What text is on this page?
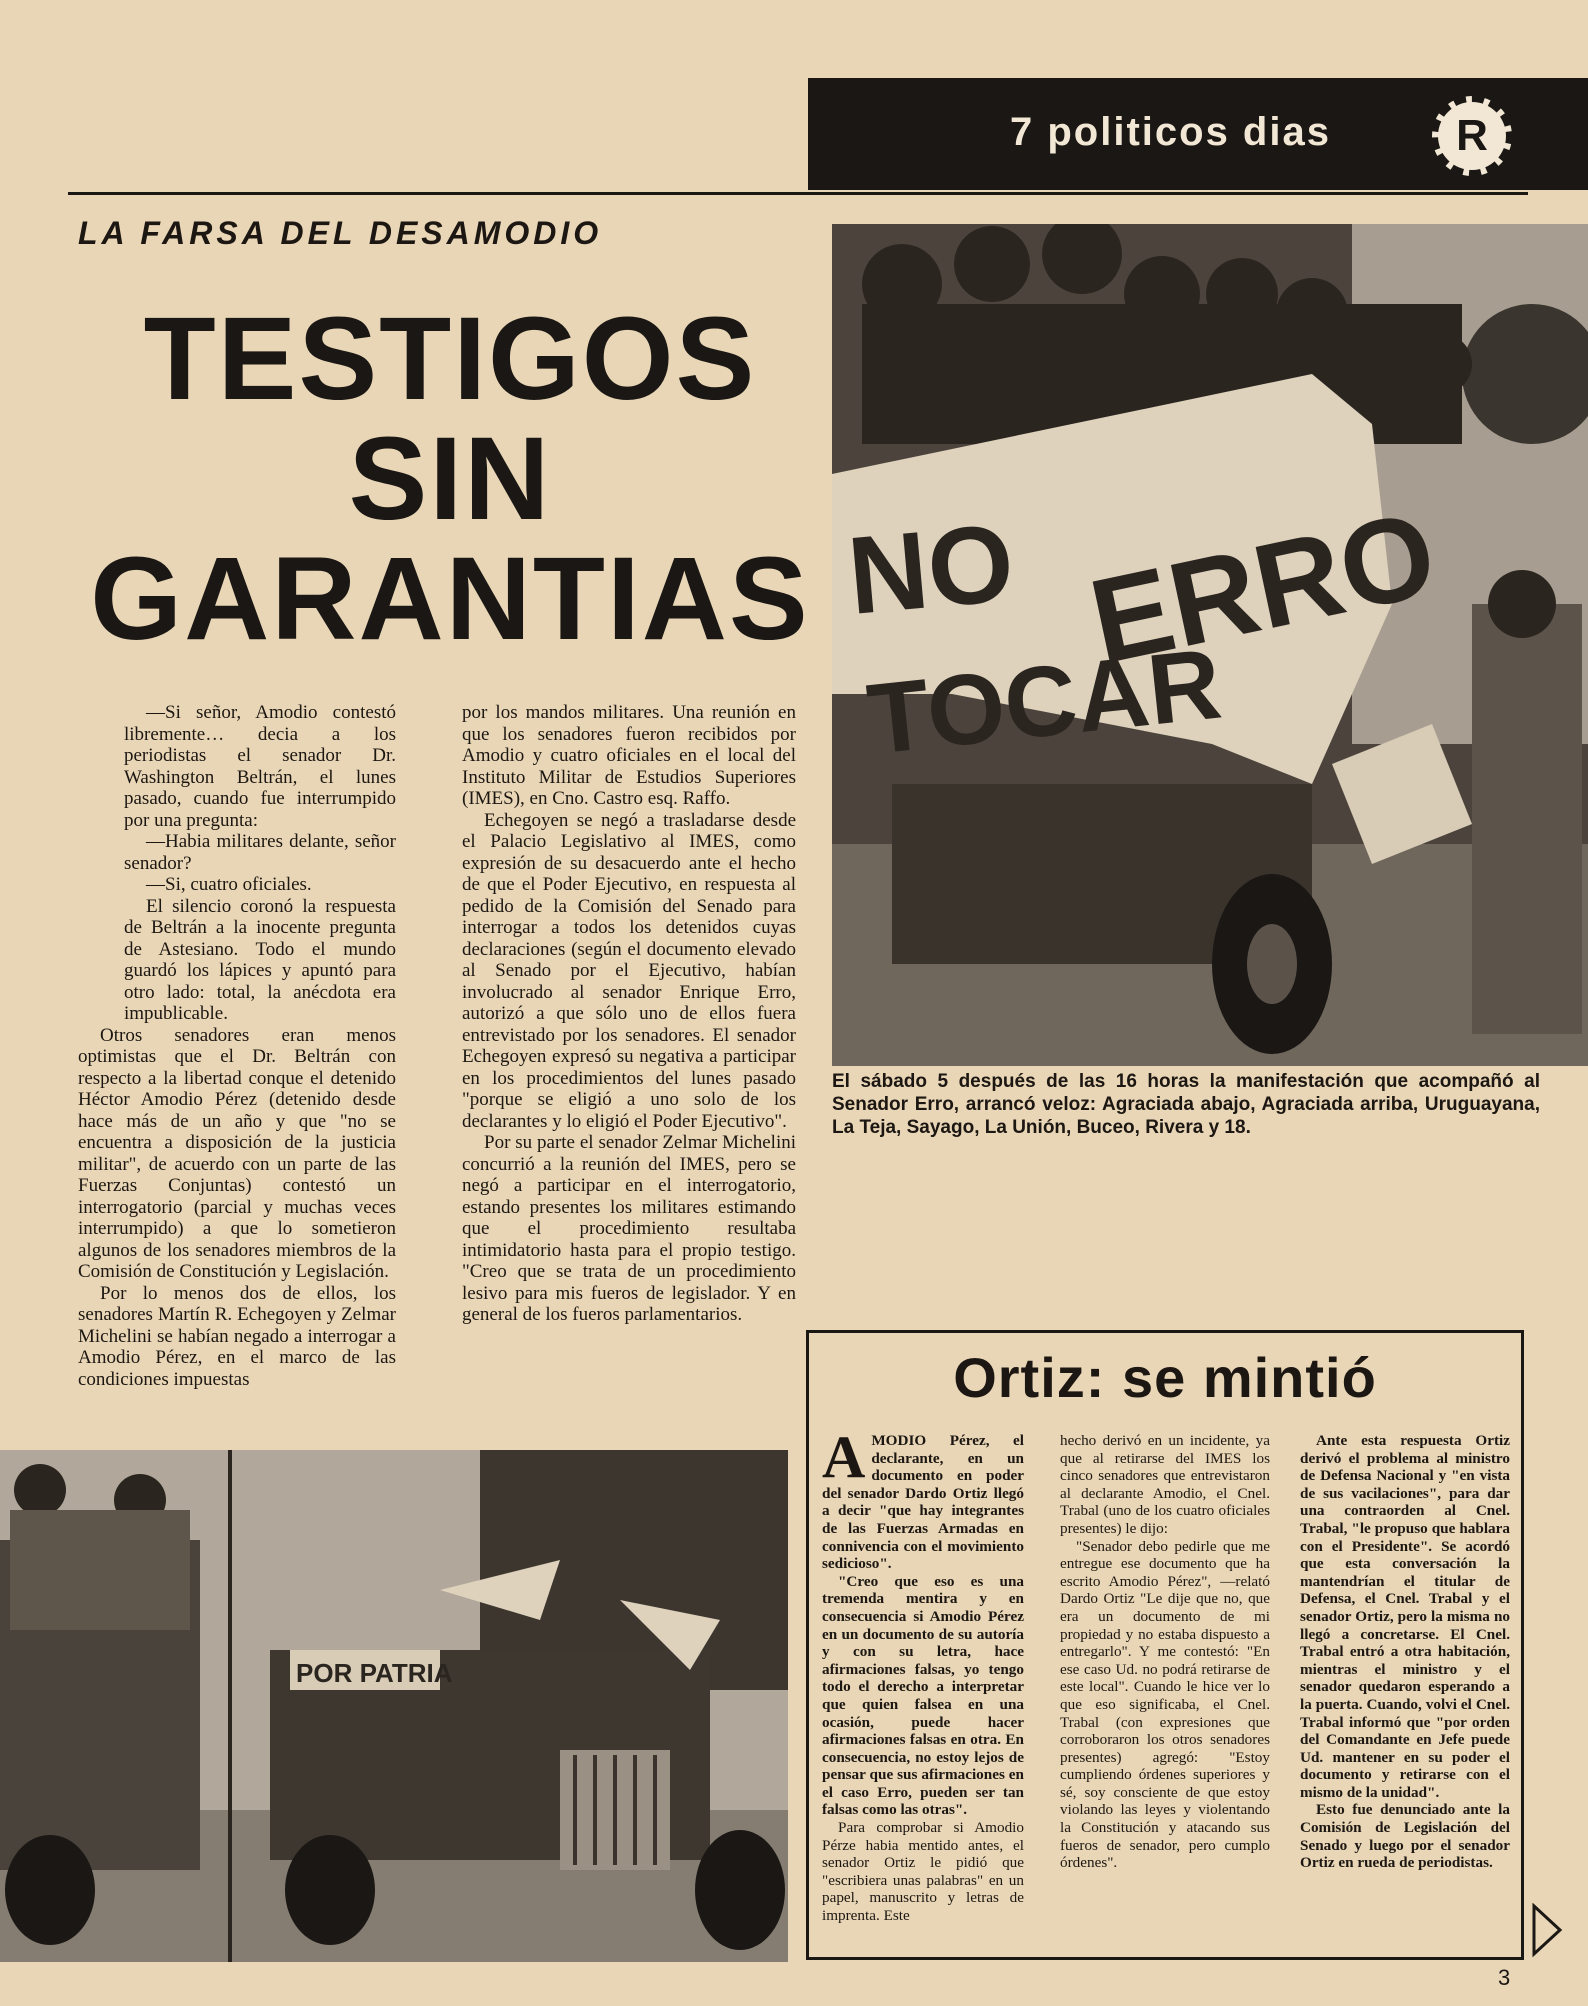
7 politicos dias	R
LA FARSA DEL DESAMODIO
TESTIGOS
SIN
GARANTIAS

—Si señor, Amodio contestó libremente… decia a los periodistas el senador Dr. Washington Beltrán, el lunes pasado, cuando fue interrumpido por una pregunta:

—Habia militares delante, señor senador?

—Si, cuatro oficiales.

El silencio coronó la respuesta de Beltrán a la inocente pregunta de Astesiano. Todo el mundo guardó los lápices y apuntó para otro lado: total, la anécdota era impublicable.

Otros senadores eran menos optimistas que el Dr. Beltrán con respecto a la libertad conque el detenido Héctor Amodio Pérez (detenido desde hace más de un año y que "no se encuentra a disposición de la justicia militar", de acuerdo con un parte de las Fuerzas Conjuntas) contestó un interrogatorio (parcial y muchas veces interrumpido) a que lo sometieron algunos de los senadores miembros de la Comisión de Constitución y Legislación.

Por lo menos dos de ellos, los senadores Martín R. Echegoyen y Zelmar Michelini se habían negado a interrogar a Amodio Pérez, en el marco de las condiciones impuestas

por los mandos militares. Una reunión en que los senadores fueron recibidos por Amodio y cuatro oficiales en el local del Instituto Militar de Estudios Superiores (IMES), en Cno. Castro esq. Raffo.

Echegoyen se negó a trasladarse desde el Palacio Legislativo al IMES, como expresión de su desacuerdo ante el hecho de que el Poder Ejecutivo, en respuesta al pedido de la Comisión del Senado para interrogar a todos los detenidos cuyas declaraciones (según el documento elevado al Senado por el Ejecutivo, habían involucrado al senador Enrique Erro, autorizó a que sólo uno de ellos fuera entrevistado por los senadores. El senador Echegoyen expresó su negativa a participar en los procedimientos del lunes pasado "porque se eligió a uno solo de los declarantes y lo eligió el Poder Ejecutivo".

Por su parte el senador Zelmar Michelini concurrió a la reunión del IMES, pero se negó a participar en el interrogatorio, estando presentes los militares estimando que el procedimiento resultaba intimidatorio hasta para el propio testigo. "Creo que se trata de un procedimiento lesivo para mis fueros de legislador. Y en general de los fueros parlamentarios.

NO
TOCAR
ERRO
El sábado 5 después de las 16 horas la manifestación que acompañó al Senador Erro, arrancó veloz: Agraciada abajo, Agraciada arriba, Uruguayana, La Teja, Sayago, La Unión, Buceo, Rivera y 18.
POR PATRIA
Ortiz: se mintió

AMODIO Pérez, el declarante, en un documento en poder del senador Dardo Ortiz llegó a decir "que hay integrantes de las Fuerzas Armadas en connivencia con el movimiento sedicioso".

"Creo que eso es una tremenda mentira y en consecuencia si Amodio Pérez en un documento de su autoría y con su letra, hace afirmaciones falsas, yo tengo todo el derecho a interpretar que quien falsea en una ocasión, puede hacer afirmaciones falsas en otra. En consecuencia, no estoy lejos de pensar que sus afirmaciones en el caso Erro, pueden ser tan falsas como las otras".

Para comprobar si Amodio Pérze habia mentido antes, el senador Ortiz le pidió que "escribiera unas palabras" en un papel, manuscrito y letras de imprenta. Este

hecho derivó en un incidente, ya que al retirarse del IMES los cinco senadores que entrevistaron al declarante Amodio, el Cnel. Trabal (uno de los cuatro oficiales presentes) le dijo:

"Senador debo pedirle que me entregue ese documento que ha escrito Amodio Pérez", —relató Dardo Ortiz "Le dije que no, que era un documento de mi propiedad y no estaba dispuesto a entregarlo". Y me contestó: "En ese caso Ud. no podrá retirarse de este local". Cuando le hice ver lo que eso significaba, el Cnel. Trabal (con expresiones que corroboraron los otros senadores presentes) agregó: "Estoy cumpliendo órdenes superiores y sé, soy consciente de que estoy violando las leyes y violentando la Constitución y atacando sus fueros de senador, pero cumplo órdenes".

Ante esta respuesta Ortiz derivó el problema al ministro de Defensa Nacional y "en vista de sus vacilaciones", para dar una contraorden al Cnel. Trabal, "le propuso que hablara con el Presidente". Se acordó que esta conversación la mantendrían el titular de Defensa, el Cnel. Trabal y el senador Ortiz, pero la misma no llegó a concretarse. El Cnel. Trabal entró a otra habitación, mientras el ministro y el senador quedaron esperando a la puerta. Cuando, volvi el Cnel. Trabal informó que "por orden del Comandante en Jefe puede Ud. mantener en su poder el documento y retirarse con el mismo de la unidad".

Esto fue denunciado ante la Comisión de Legislación del Senado y luego por el senador Ortiz en rueda de periodistas.

3
